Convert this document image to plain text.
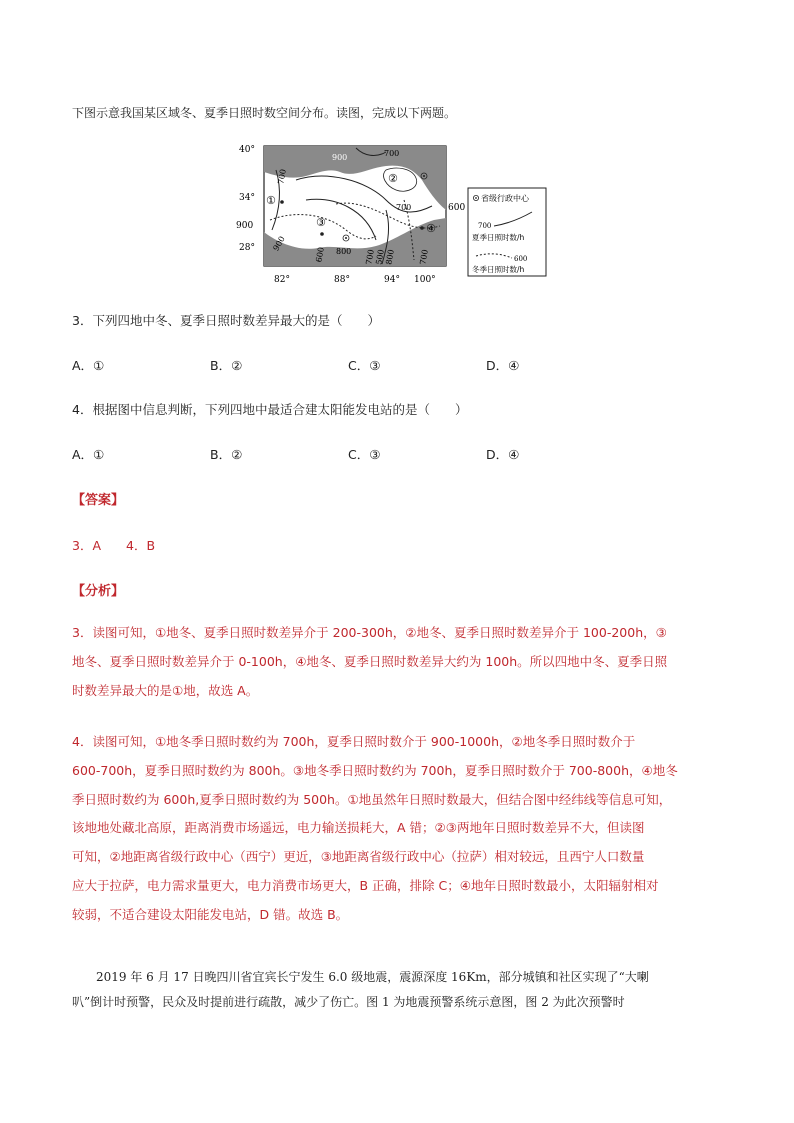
下图示意我国某区域冬、夏季日照时数空间分布。读图，完成以下两题。
40°
34°
28°
900
600
82°	88°	94° 100°
900	700
700
900 600
600 800 700
500
800	700
700
①
②
③	④
省级行政中心
700
夏季日照时数/h
600
冬季日照时数/h
3．下列四地中冬、夏季日照时数差异最大的是（　　）
A．①	B．②	C．③	D．④
4．根据图中信息判断，下列四地中最适合建太阳能发电站的是（　　）
A．①	B．②	C．③	D．④
【答案】
3．A　　4．B
【分析】

3．读图可知，①地冬、夏季日照时数差异介于 200-300h，②地冬、夏季日照时数差异介于 100-200h，③

地冬、夏季日照时数差异介于 0-100h，④地冬、夏季日照时数差异大约为 100h。所以四地中冬、夏季日照

时数差异最大的是①地，故选 A。

4．读图可知，①地冬季日照时数约为 700h，夏季日照时数介于 900-1000h，②地冬季日照时数介于

600-700h，夏季日照时数约为 800h。③地冬季日照时数约为 700h，夏季日照时数介于 700-800h，④地冬

季日照时数约为 600h,夏季日照时数约为 500h。①地虽然年日照时数最大，但结合图中经纬线等信息可知，

该地地处藏北高原，距离消费市场遥远，电力输送损耗大，A 错；②③两地年日照时数差异不大，但读图

可知，②地距离省级行政中心（西宁）更近，③地距离省级行政中心（拉萨）相对较远，且西宁人口数量

应大于拉萨，电力需求量更大，电力消费市场更大，B 正确，排除 C；④地年日照时数最小，太阳辐射相对

较弱，不适合建设太阳能发电站，D 错。故选 B。

　　2019 年 6 月 17 日晚四川省宜宾长宁发生 6.0 级地震，震源深度 16Km，部分城镇和社区实现了“大喇

叭”倒计时预警，民众及时提前进行疏散，减少了伤亡。图 1 为地震预警系统示意图，图 2 为此次预警时
